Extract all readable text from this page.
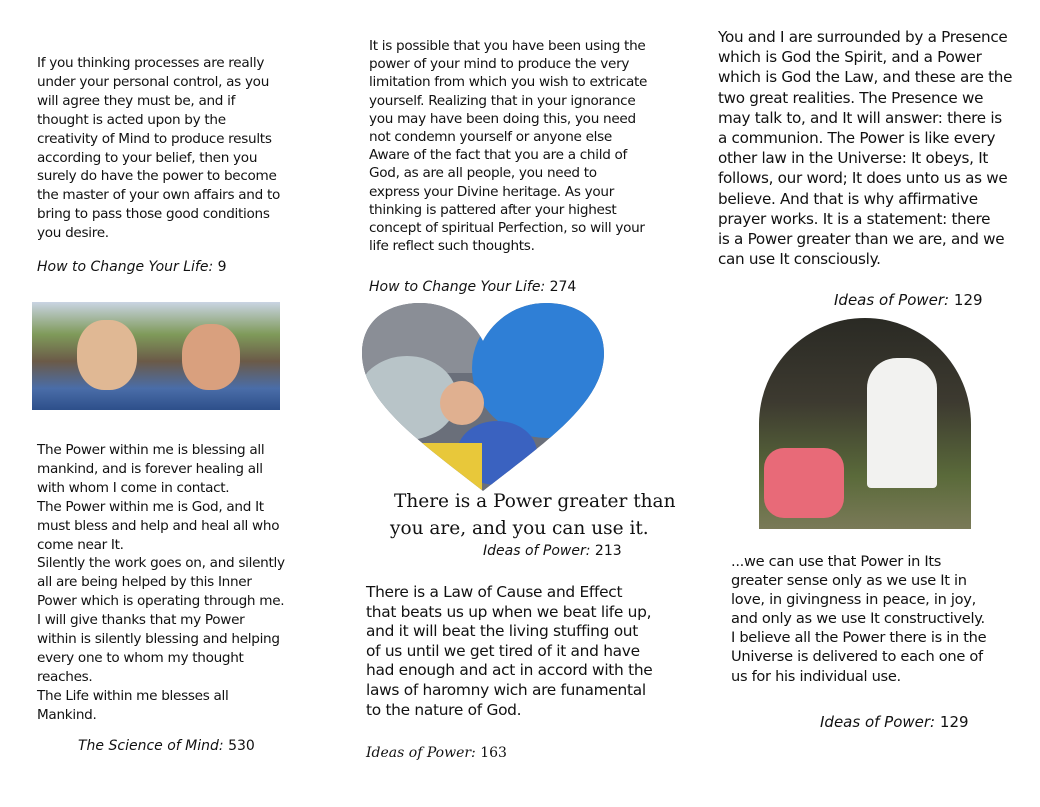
If you thinking processes are really
under your personal control, as you
will agree they must be, and if
thought is acted upon by the
creativity of Mind to produce results
according to your belief, then you
surely do have the power to become
the master of your own affairs and to
bring to pass those good conditions
you desire.
How to Change Your Life: 9
The Power within me is blessing all
mankind, and is forever healing all
with whom I come in contact.
The Power within me is God, and It
must bless and help and heal all who
come near It.
Silently the work goes on, and silently
all are being helped by this Inner
Power which is operating through me.
I will give thanks that my Power
within is silently blessing and helping
every one to whom my thought
reaches.
The Life within me blesses all
Mankind.
The Science of Mind: 530
It is possible that you have been using the
power of your mind to produce the very
limitation from which you wish to extricate
yourself. Realizing that in your ignorance
you may have been doing this, you need
not condemn yourself or anyone else
Aware of the fact that you are a child of
God, as are all people, you need to
express your Divine heritage. As your
thinking is pattered after your highest
concept of spiritual Perfection, so will your
life reflect such thoughts.
How to Change Your Life: 274
There is a Power greater than
you are, and you can use it.
Ideas of Power: 213
There is a Law of Cause and Effect
that beats us up when we beat life up,
and it will beat the living stuffing out
of us until we get tired of it and have
had enough and act in accord with the
laws of haromny wich are funamental
to the nature of God.
Ideas of Power: 163
You and I are surrounded by a Presence
which is God the Spirit, and a Power
which is God the Law, and these are the
two great realities. The Presence we
may talk to, and It will answer: there is
a communion. The Power is like every
other law in the Universe: It obeys, It
follows, our word; It does unto us as we
believe. And that is why affirmative
prayer works. It is a statement: there
is a Power greater than we are, and we
can use It consciously.
Ideas of Power: 129
...we can use that Power in Its
greater sense only as we use It in
love, in givingness in peace, in joy,
and only as we use It constructively.
I believe all the Power there is in the
Universe is delivered to each one of
us for his individual use.
Ideas of Power: 129
